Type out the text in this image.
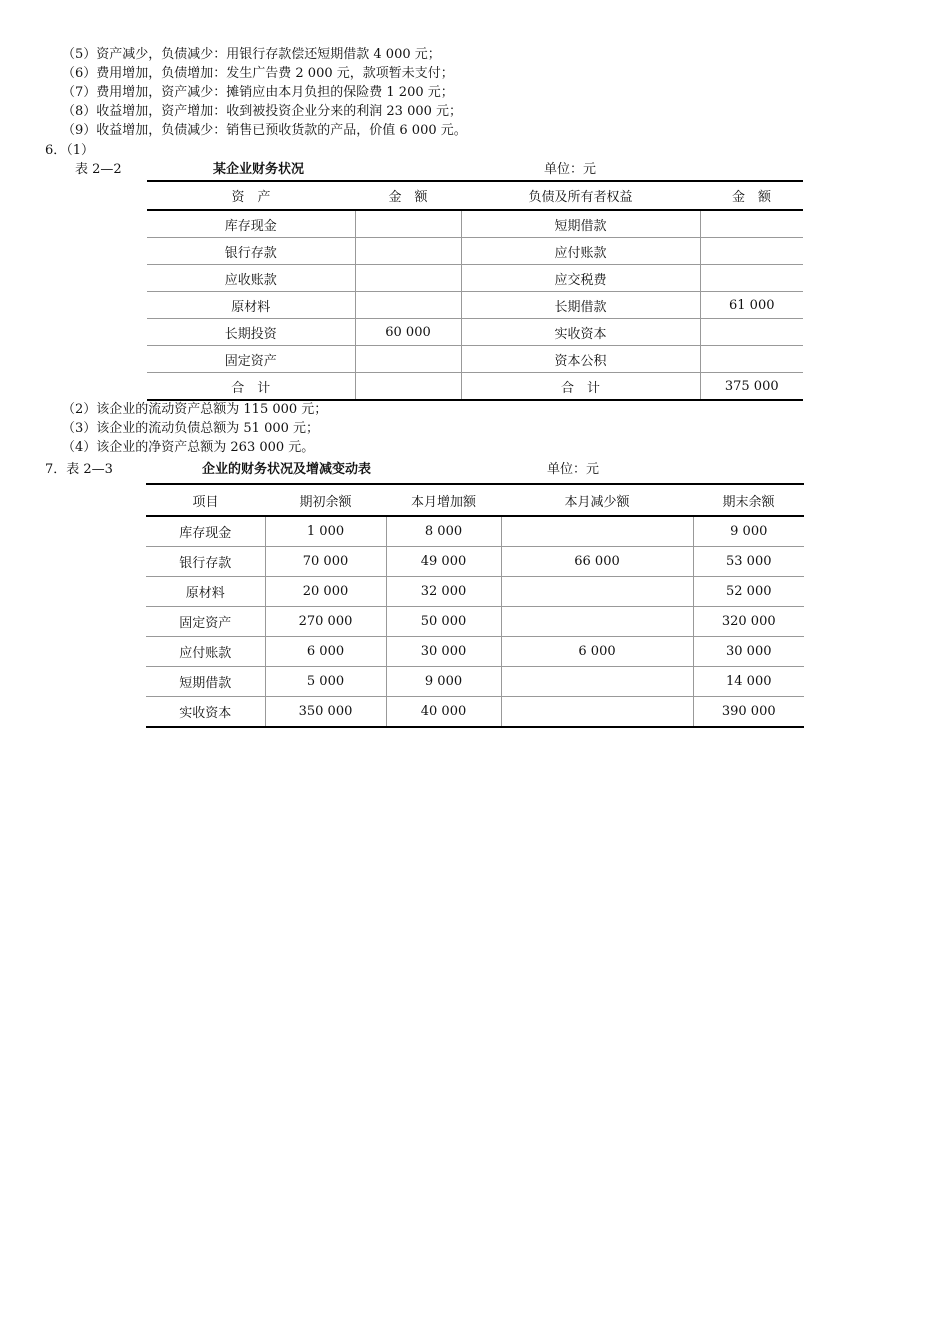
（5）资产减少，负债减少：用银行存款偿还短期借款 4 000 元；
（6）费用增加，负债增加：发生广告费 2 000 元，款项暂未支付；
（7）费用增加，资产减少：摊销应由本月负担的保险费 1 200 元；
（8）收益增加，资产增加：收到被投资企业分来的利润 23 000 元；
（9）收益增加，负债减少：销售已预收货款的产品，价值 6 000 元。
6．（1）
表 2—2	某企业财务状况	单位：元
资　产	金　额	负债及所有者权益	金　额
库存现金		短期借款	
银行存款		应付账款	
应收账款		应交税费	
原材料		长期借款	61 000
长期投资	60 000	实收资本	
固定资产		资本公积	
合　计		合　计	375 000
（2）该企业的流动资产总额为 115 000 元；
（3）该企业的流动负债总额为 51 000 元；
（4）该企业的净资产总额为 263 000 元。
7．表 2—3	企业的财务状况及增减变动表	单位：元
项目	期初余额	本月增加额	本月减少额	期末余额
库存现金	1 000	8 000		9 000
银行存款	70 000	49 000	66 000	53 000
原材料	20 000	32 000		52 000
固定资产	270 000	50 000		320 000
应付账款	6 000	30 000	6 000	30 000
短期借款	5 000	9 000		14 000
实收资本	350 000	40 000		390 000
